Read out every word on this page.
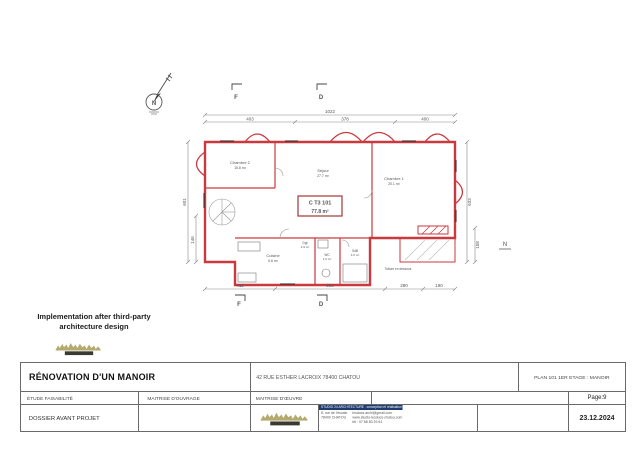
N
F	D
1022
403	378	400
601
146
633
158	N
Chambre 2
15.8 m²	Séjour
27.7 m²	Chambre 1
20.1 m²
Cuisine
9.6 m²
Dgt
2.9 m²
WC
1.6 m²
SdB
4.6 m²
Toiture en dessous
C T3 101
77.8 m²
411	900	280	190
F	D
Implementation after third-party
architecture design
RÉNOVATION D'UN MANOIR	42 RUE ESTHER LACROIX 78400 CHATOU	PLAN 101 1ER ETAGE : MANOIR
ÉTUDE FAISABILITÉ	MAITRISE D'OUVRAGE	MAITRISE D'ŒUVRE	Page:9
DOSSIER AVANT PROJET
STUDIO 24 ARCHITECTURE . conception et réalisation
8, rue de l'escale
78400 CHATOU
lesducs.archi@gmail.com
www.studio-lesducs-chatou.com
tél : 07 68 83 29 61
23.12.2024
